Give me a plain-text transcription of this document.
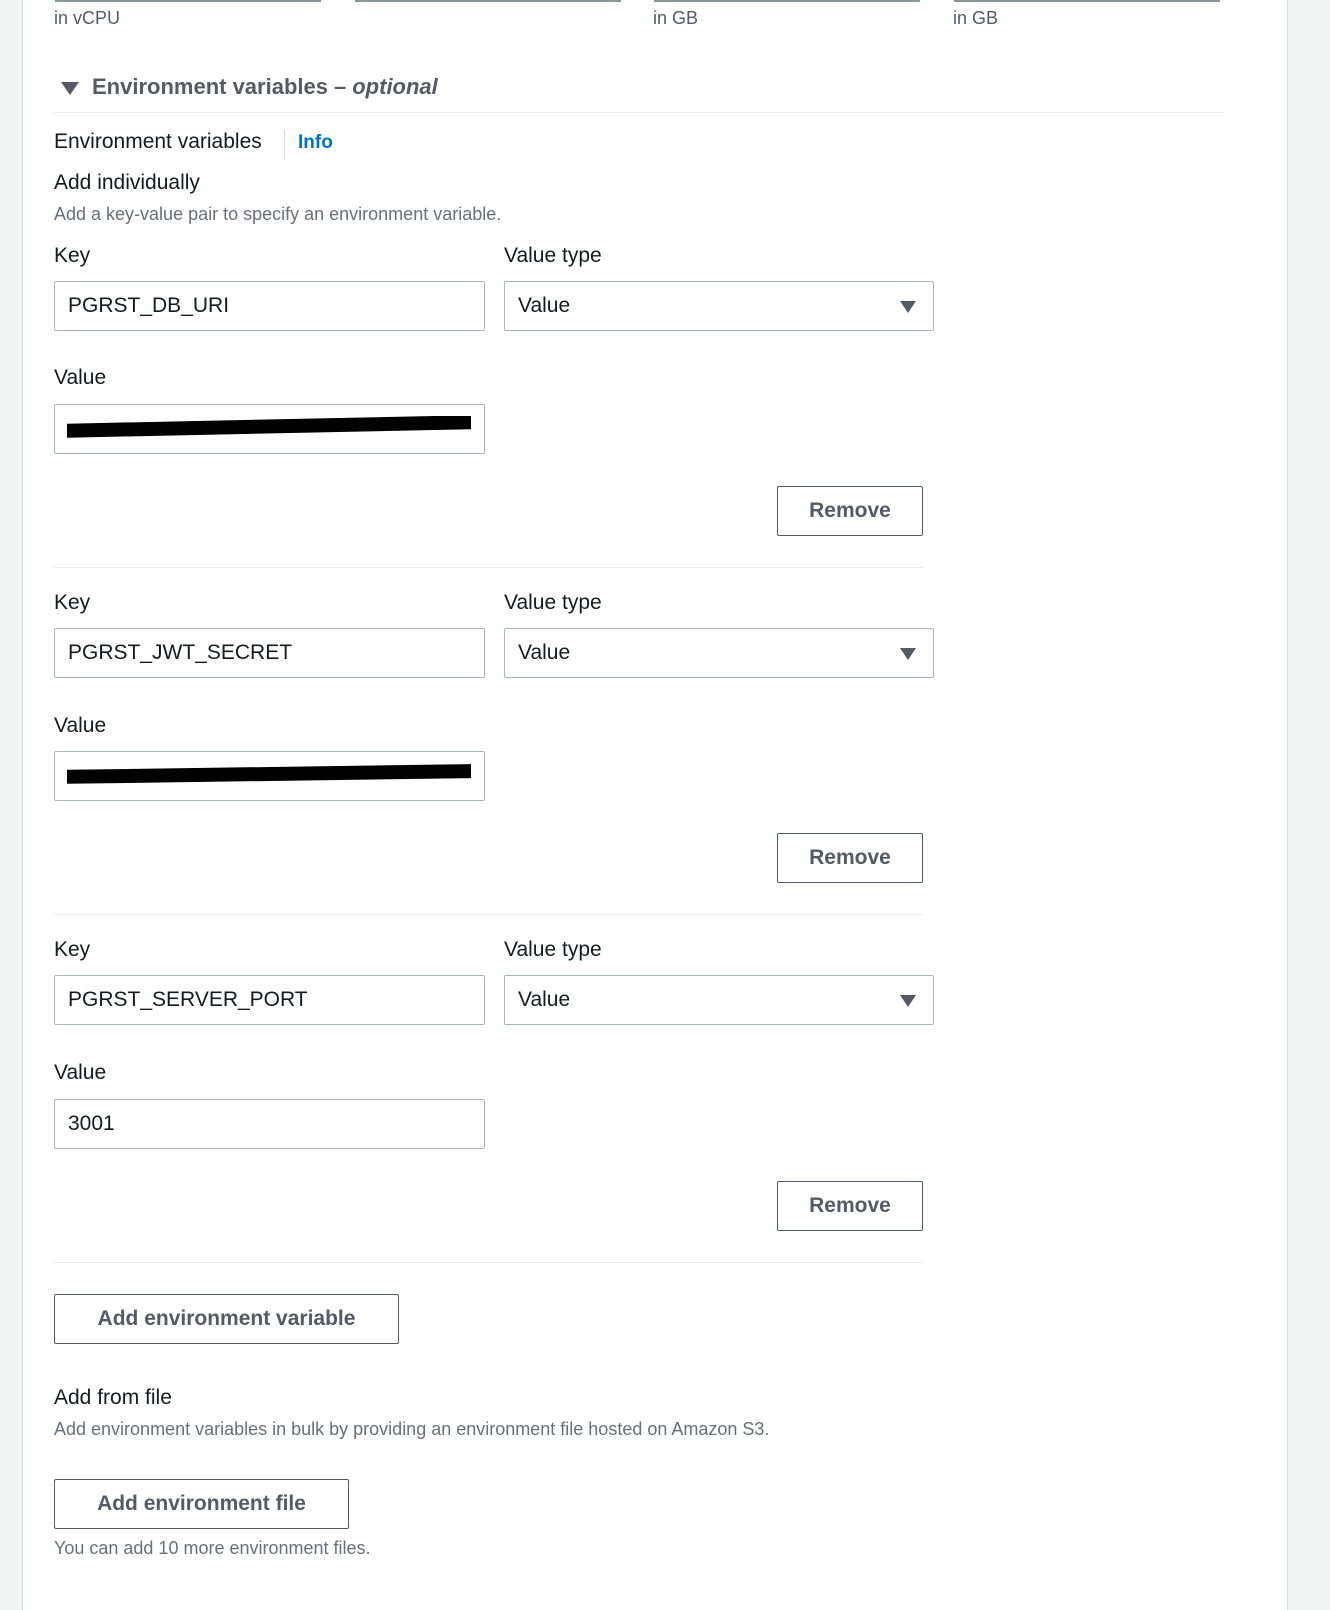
in vCPU	in GB	in GB
Environment variables – optional
Environment variables Info
Add individually
Add a key-value pair to specify an environment variable.
Key	Value type
PGRST_DB_URI	Value
Value
Remove
Key	Value type
PGRST_JWT_SECRET	Value
Value
Remove
Key	Value type
PGRST_SERVER_PORT	Value
Value
3001
Remove
Add environment variable
Add from file
Add environment variables in bulk by providing an environment file hosted on Amazon S3.
Add environment file
You can add 10 more environment files.
